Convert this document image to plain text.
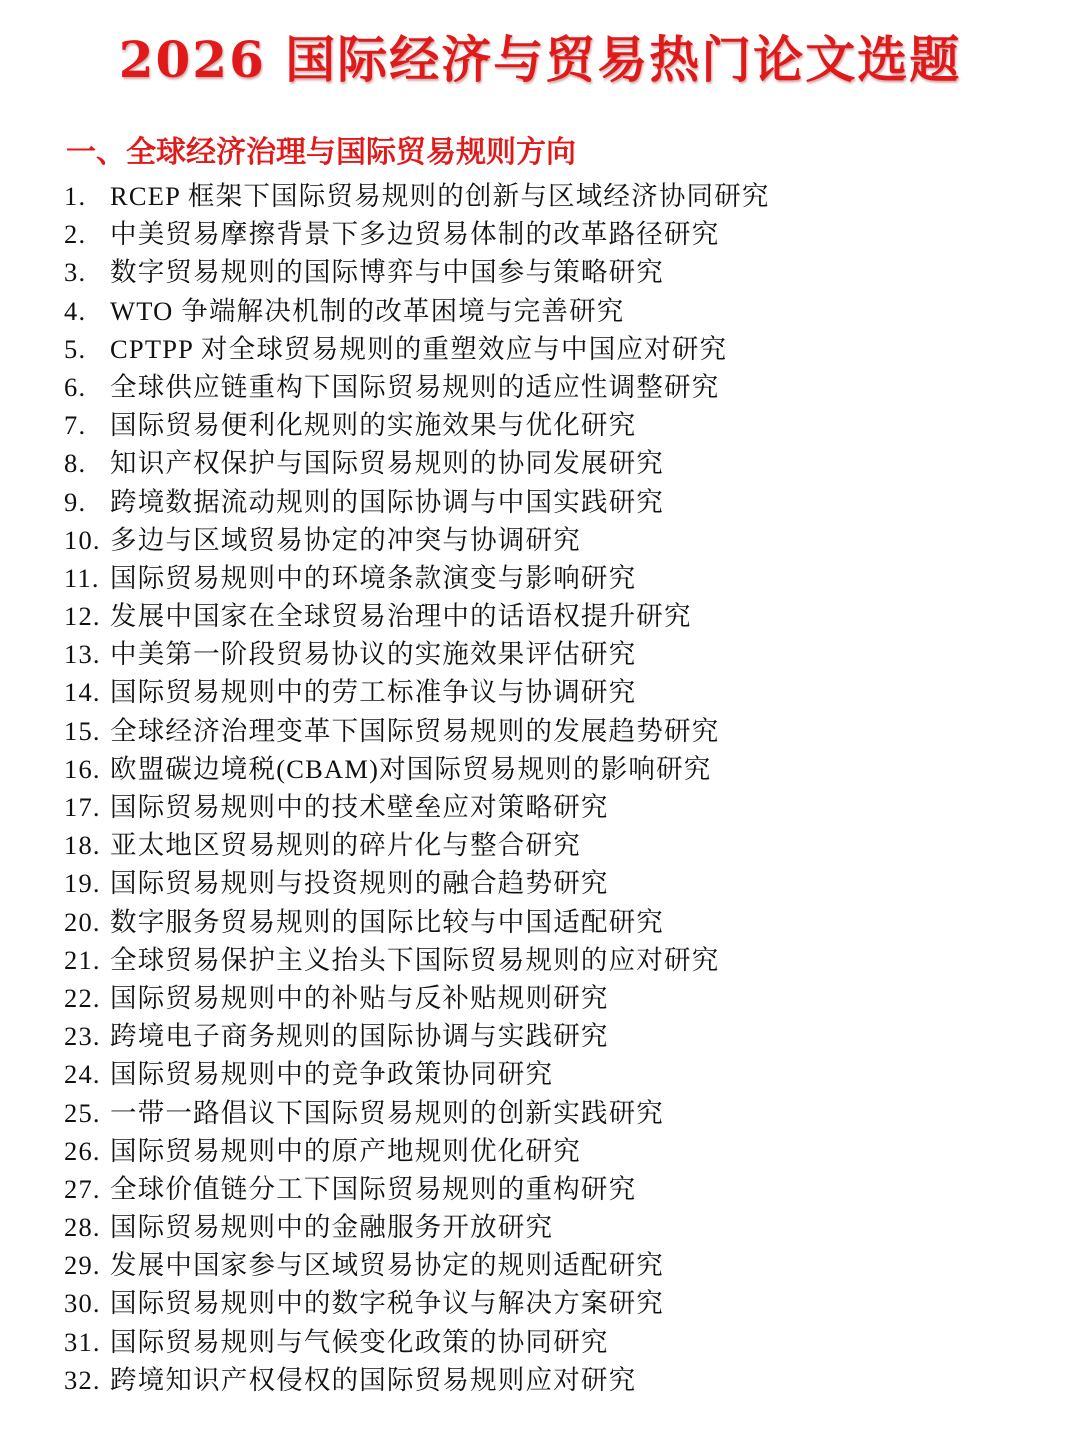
2026 国际经济与贸易热门论文选题
一、全球经济治理与国际贸易规则方向
1. RCEP 框架下国际贸易规则的创新与区域经济协同研究
2. 中美贸易摩擦背景下多边贸易体制的改革路径研究
3. 数字贸易规则的国际博弈与中国参与策略研究
4. WTO 争端解决机制的改革困境与完善研究
5. CPTPP 对全球贸易规则的重塑效应与中国应对研究
6. 全球供应链重构下国际贸易规则的适应性调整研究
7. 国际贸易便利化规则的实施效果与优化研究
8. 知识产权保护与国际贸易规则的协同发展研究
9. 跨境数据流动规则的国际协调与中国实践研究
10. 多边与区域贸易协定的冲突与协调研究
11. 国际贸易规则中的环境条款演变与影响研究
12. 发展中国家在全球贸易治理中的话语权提升研究
13. 中美第一阶段贸易协议的实施效果评估研究
14. 国际贸易规则中的劳工标准争议与协调研究
15. 全球经济治理变革下国际贸易规则的发展趋势研究
16. 欧盟碳边境税(CBAM)对国际贸易规则的影响研究
17. 国际贸易规则中的技术壁垒应对策略研究
18. 亚太地区贸易规则的碎片化与整合研究
19. 国际贸易规则与投资规则的融合趋势研究
20. 数字服务贸易规则的国际比较与中国适配研究
21. 全球贸易保护主义抬头下国际贸易规则的应对研究
22. 国际贸易规则中的补贴与反补贴规则研究
23. 跨境电子商务规则的国际协调与实践研究
24. 国际贸易规则中的竞争政策协同研究
25. 一带一路倡议下国际贸易规则的创新实践研究
26. 国际贸易规则中的原产地规则优化研究
27. 全球价值链分工下国际贸易规则的重构研究
28. 国际贸易规则中的金融服务开放研究
29. 发展中国家参与区域贸易协定的规则适配研究
30. 国际贸易规则中的数字税争议与解决方案研究
31. 国际贸易规则与气候变化政策的协同研究
32. 跨境知识产权侵权的国际贸易规则应对研究
